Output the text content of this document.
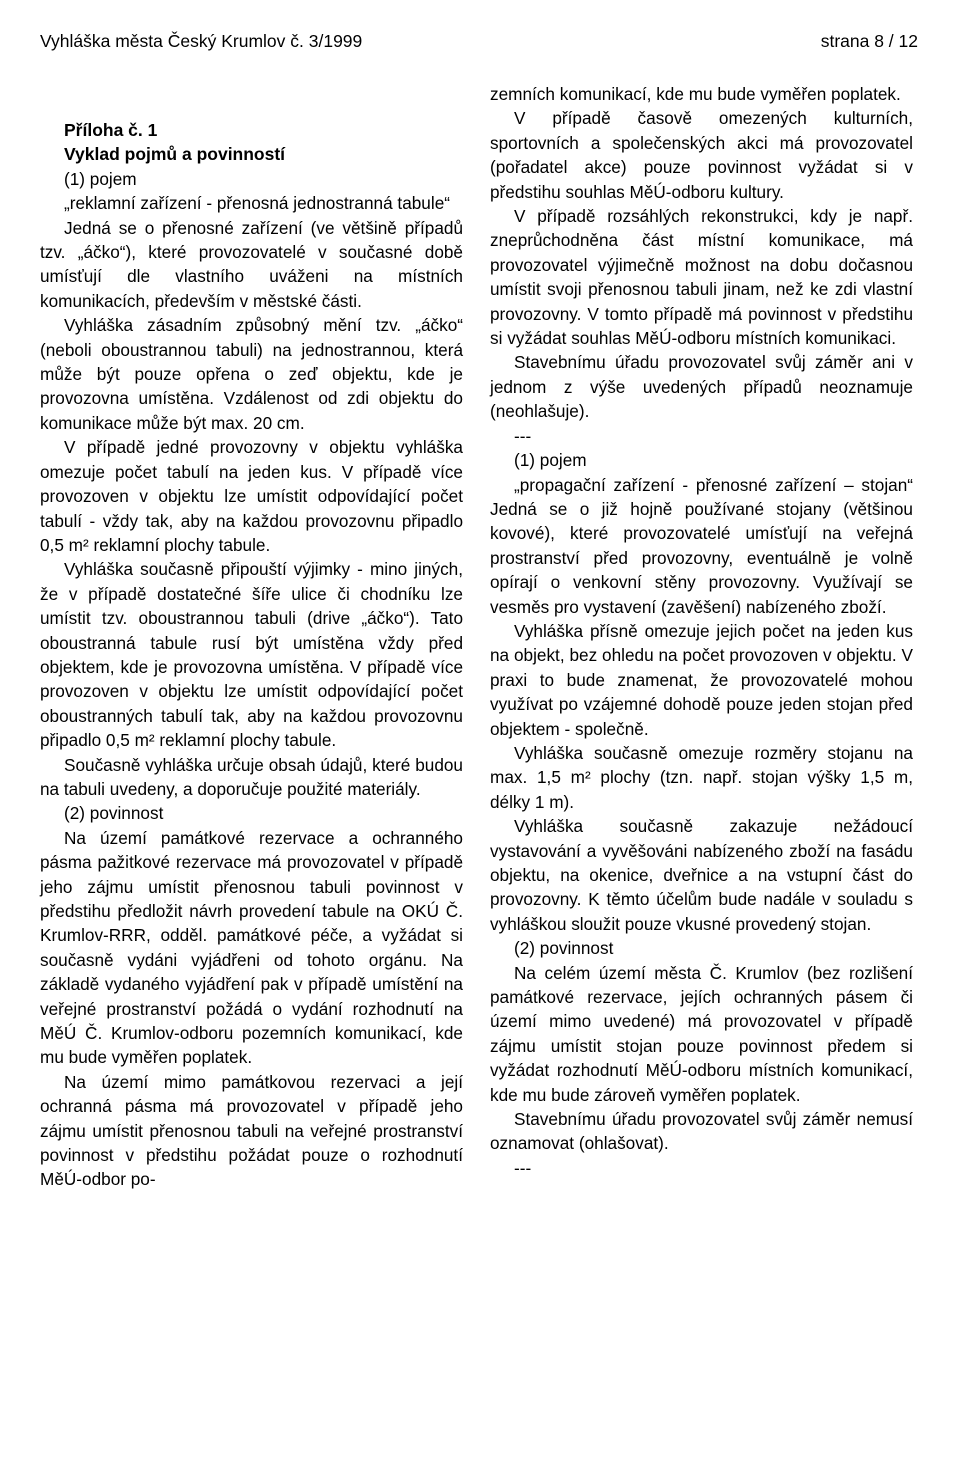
Vyhláška města Český Krumlov č. 3/1999	strana 8 / 12

Příloha č. 1

Vyklad pojmů a povinností

(1) pojem

„reklamní zařízení - přenosná jednostranná tabule“

Jedná se o přenosné zařízení (ve většině případů tzv. „áčko“), které provozovatelé v současné době umísťují dle vlastního uváženi na místních komunikacích, především v městské části.

Vyhláška zásadním způsobný mění tzv. „áčko“ (neboli oboustrannou tabuli) na jednostrannou, která může být pouze opřena o zeď objektu, kde je provozovna umístěna. Vzdálenost od zdi objektu do komunikace může být max. 20 cm.

V případě jedné provozovny v objektu vyhláška omezuje počet tabulí na jeden kus. V případě více provozoven v objektu lze umístit odpovídající počet tabulí - vždy tak, aby na každou provozovnu připadlo 0,5 m² reklamní plochy tabule.

Vyhláška současně připouští výjimky - mino jiných, že v případě dostatečné šíře ulice či chodníku lze umístit tzv. oboustrannou tabuli (drive „áčko“). Tato oboustranná tabule rusí být umístěna vždy před objektem, kde je provozovna umístěna. V případě více provozoven v objektu lze umístit odpovídající počet oboustranných tabulí tak, aby na každou provozovnu připadlo 0,5 m² reklamní plochy tabule.

Současně vyhláška určuje obsah údajů, které budou na tabuli uvedeny, a doporučuje použité materiály.

(2) povinnost

Na území památkové rezervace a ochranného pásma pažitkové rezervace má provozovatel v případě jeho zájmu umístit přenosnou tabuli povinnost v předstihu předložit návrh provedení tabule na OKÚ Č. Krumlov-RRR, odděl. památkové péče, a vyžádat si současně vydáni vyjádřeni od tohoto orgánu. Na základě vydaného vyjádření pak v případě umístění na veřejné prostranství požádá o vydání rozhodnutí na MěÚ Č. Krumlov-odboru pozemních komunikací, kde mu bude vyměřen poplatek.

Na území mimo památkovou rezervaci a její ochranná pásma má provozovatel v případě jeho zájmu umístit přenosnou tabuli na veřejné prostranství povinnost v předstihu požádat pouze o rozhodnutí MěÚ-odbor po-

zemních komunikací, kde mu bude vyměřen poplatek.

V případě časově omezených kulturních, sportovních a společenských akci má provozovatel (pořadatel akce) pouze povinnost vyžádat si v předstihu souhlas MěÚ-odboru kultury.

V případě rozsáhlých rekonstrukci, kdy je např. zneprůchodněna část místní komunikace, má provozovatel výjimečně možnost na dobu dočasnou umístit svoji přenosnou tabuli jinam, než ke zdi vlastní provozovny. V tomto případě má povinnost v předstihu si vyžádat souhlas MěÚ-odboru místních komunikaci.

Stavebnímu úřadu provozovatel svůj záměr ani v jednom z výše uvedených případů neoznamuje (neohlašuje).

---

(1) pojem

„propagační zařízení - přenosné zařízení – stojan“ Jedná se o již hojně používané stojany (většinou kovové), které provozovatelé umísťují na veřejná prostranství před provozovny, eventuálně je volně opírají o venkovní stěny provozovny. Využívají se vesměs pro vystavení (zavěšení) nabízeného zboží.

Vyhláška přísně omezuje jejich počet na jeden kus na objekt, bez ohledu na počet provozoven v objektu. V praxi to bude znamenat, že provozovatelé mohou využívat po vzájemné dohodě pouze jeden stojan před objektem - společně.

Vyhláška současně omezuje rozměry stojanu na max. 1,5 m² plochy (tzn. např. stojan výšky 1,5 m, délky 1 m).

Vyhláška současně zakazuje nežádoucí vystavování a vyvěšováni nabízeného zboží na fasádu objektu, na okenice, dveřnice a na vstupní část do provozovny. K těmto účelům bude nadále v souladu s vyhláškou sloužit pouze vkusné provedený stojan.

(2) povinnost

Na celém území města Č. Krumlov (bez rozlišení památkové rezervace, jejích ochranných pásem či území mimo uvedené) má provozovatel v případě zájmu umístit stojan pouze povinnost předem si vyžádat rozhodnutí MěÚ-odboru místních komunikací, kde mu bude zároveň vyměřen poplatek.

Stavebnímu úřadu provozovatel svůj záměr nemusí oznamovat (ohlašovat).

---
